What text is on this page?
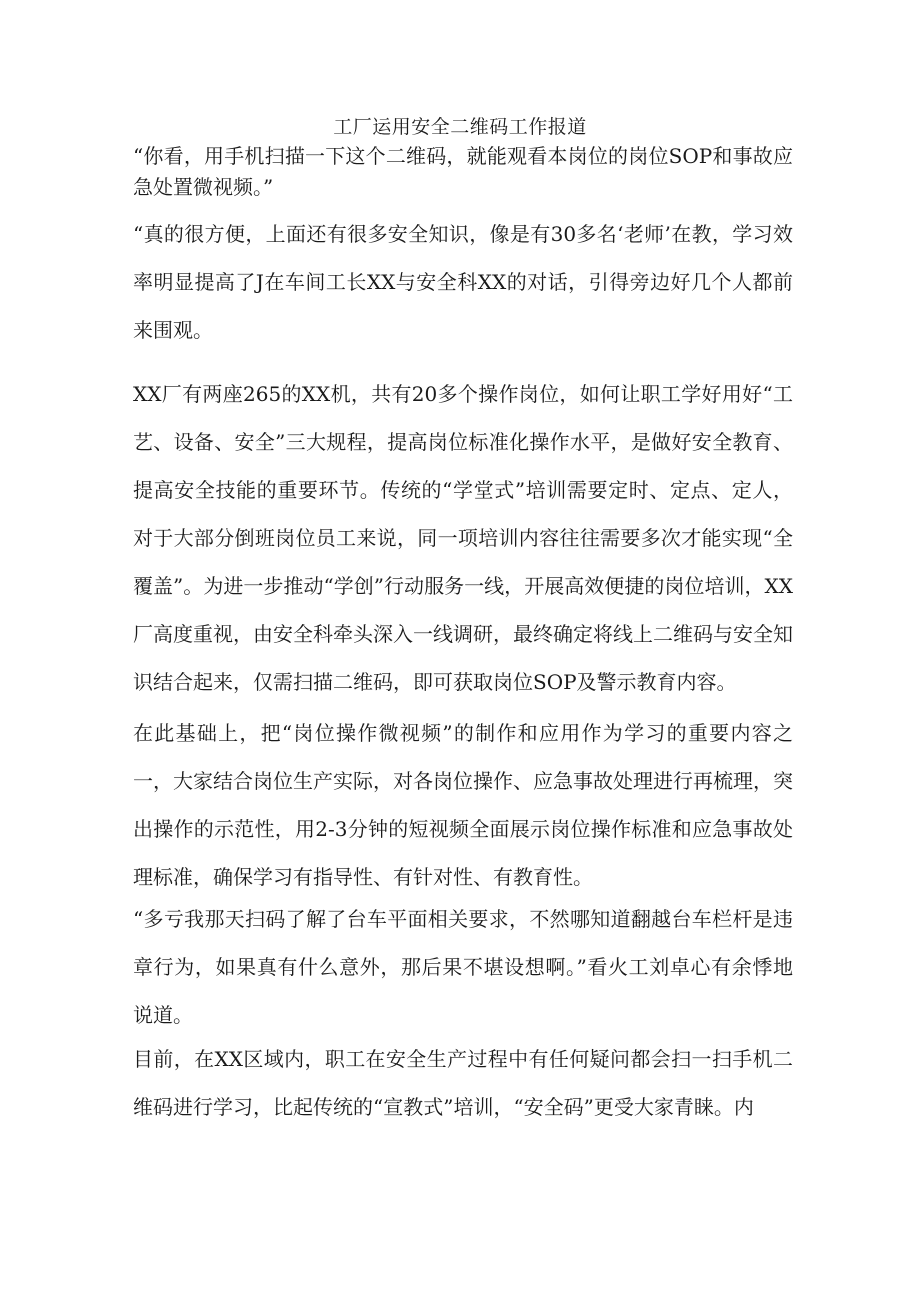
工厂运用安全二维码工作报道

“你看，用手机扫描一下这个二维码，就能观看本岗位的岗位SOP和事故应急处置微视频。”

“真的很方便，上面还有很多安全知识，像是有30多名‘老师’在教，学习效率明显提高了J在车间工长XX与安全科XX的对话，引得旁边好几个人都前来围观。

XX厂有两座265的XX机，共有20多个操作岗位，如何让职工学好用好“工艺、设备、安全”三大规程，提高岗位标准化操作水平，是做好安全教育、提高安全技能的重要环节。传统的“学堂式”培训需要定时、定点、定人，对于大部分倒班岗位员工来说，同一项培训内容往往需要多次才能实现“全覆盖”。为进一步推动“学创”行动服务一线，开展高效便捷的岗位培训，XX厂高度重视，由安全科牵头深入一线调研，最终确定将线上二维码与安全知识结合起来，仅需扫描二维码，即可获取岗位SOP及警示教育内容。

在此基础上，把“岗位操作微视频”的制作和应用作为学习的重要内容之一，大家结合岗位生产实际，对各岗位操作、应急事故处理进行再梳理，突出操作的示范性，用2-3分钟的短视频全面展示岗位操作标准和应急事故处理标准，确保学习有指导性、有针对性、有教育性。

“多亏我那天扫码了解了台车平面相关要求，不然哪知道翻越台车栏杆是违章行为，如果真有什么意外，那后果不堪设想啊。”看火工刘卓心有余悸地说道。

目前，在XX区域内，职工在安全生产过程中有任何疑问都会扫一扫手机二维码进行学习，比起传统的“宣教式”培训，“安全码”更受大家青睐。内
